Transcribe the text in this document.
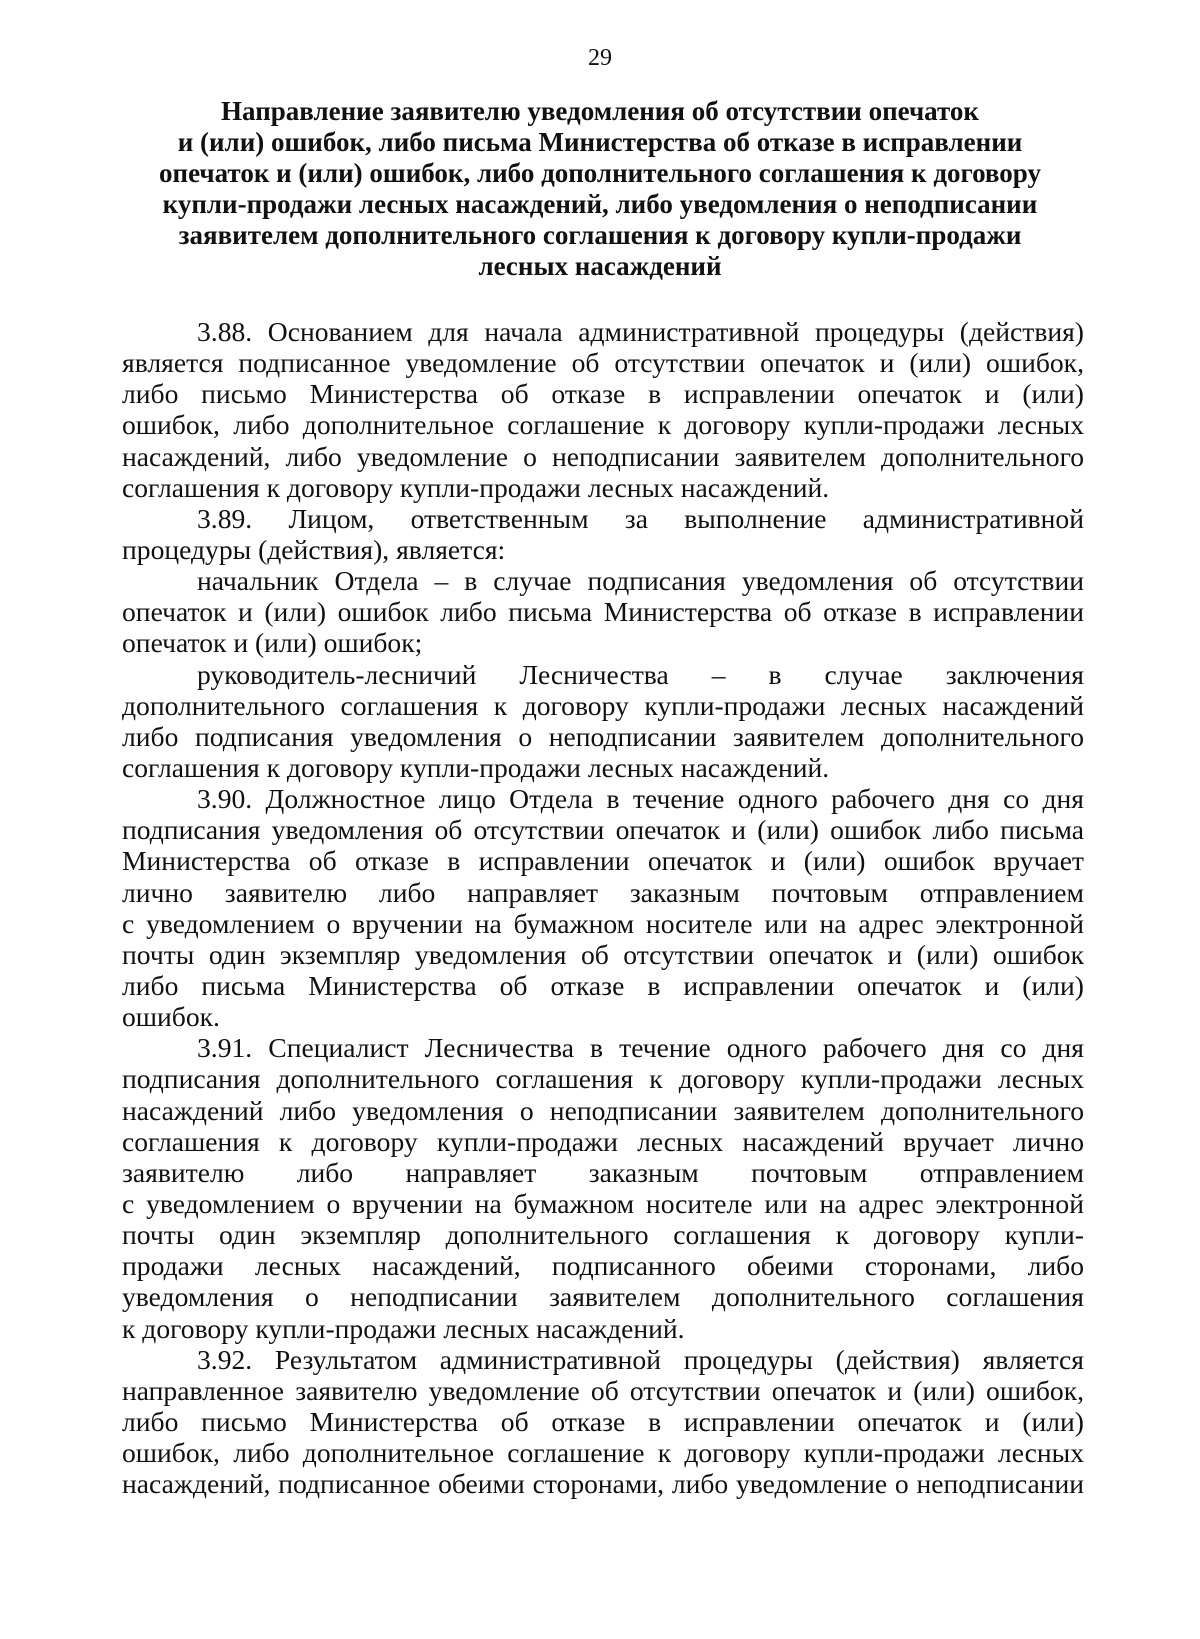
29
Направление заявителю уведомления об отсутствии опечаток
и (или) ошибок, либо письма Министерства об отказе в исправлении
опечаток и (или) ошибок, либо дополнительного соглашения к договору
купли-продажи лесных насаждений, либо уведомления о неподписании
заявителем дополнительного соглашения к договору купли-продажи
лесных насаждений
3.88. Основанием для начала административной процедуры (действия)
является подписанное уведомление об отсутствии опечаток и (или) ошибок,
либо письмо Министерства об отказе в исправлении опечаток и (или)
ошибок, либо дополнительное соглашение к договору купли-продажи лесных
насаждений, либо уведомление о неподписании заявителем дополнительного
соглашения к договору купли-продажи лесных насаждений.
3.89. Лицом, ответственным за выполнение административной
процедуры (действия), является:
начальник Отдела – в случае подписания уведомления об отсутствии
опечаток и (или) ошибок либо письма Министерства об отказе в исправлении
опечаток и (или) ошибок;
руководитель-лесничий Лесничества – в случае заключения
дополнительного соглашения к договору купли-продажи лесных насаждений
либо подписания уведомления о неподписании заявителем дополнительного
соглашения к договору купли-продажи лесных насаждений.
3.90. Должностное лицо Отдела в течение одного рабочего дня со дня
подписания уведомления об отсутствии опечаток и (или) ошибок либо письма
Министерства об отказе в исправлении опечаток и (или) ошибок вручает
лично заявителю либо направляет заказным почтовым отправлением
с уведомлением о вручении на бумажном носителе или на адрес электронной
почты один экземпляр уведомления об отсутствии опечаток и (или) ошибок
либо письма Министерства об отказе в исправлении опечаток и (или)
ошибок.
3.91. Специалист Лесничества в течение одного рабочего дня со дня
подписания дополнительного соглашения к договору купли-продажи лесных
насаждений либо уведомления о неподписании заявителем дополнительного
соглашения к договору купли-продажи лесных насаждений вручает лично
заявителю либо направляет заказным почтовым отправлением
с уведомлением о вручении на бумажном носителе или на адрес электронной
почты один экземпляр дополнительного соглашения к договору купли-
продажи лесных насаждений, подписанного обеими сторонами, либо
уведомления о неподписании заявителем дополнительного соглашения
к договору купли-продажи лесных насаждений.
3.92. Результатом административной процедуры (действия) является
направленное заявителю уведомление об отсутствии опечаток и (или) ошибок,
либо письмо Министерства об отказе в исправлении опечаток и (или)
ошибок, либо дополнительное соглашение к договору купли-продажи лесных
насаждений, подписанное обеими сторонами, либо уведомление о неподписании
